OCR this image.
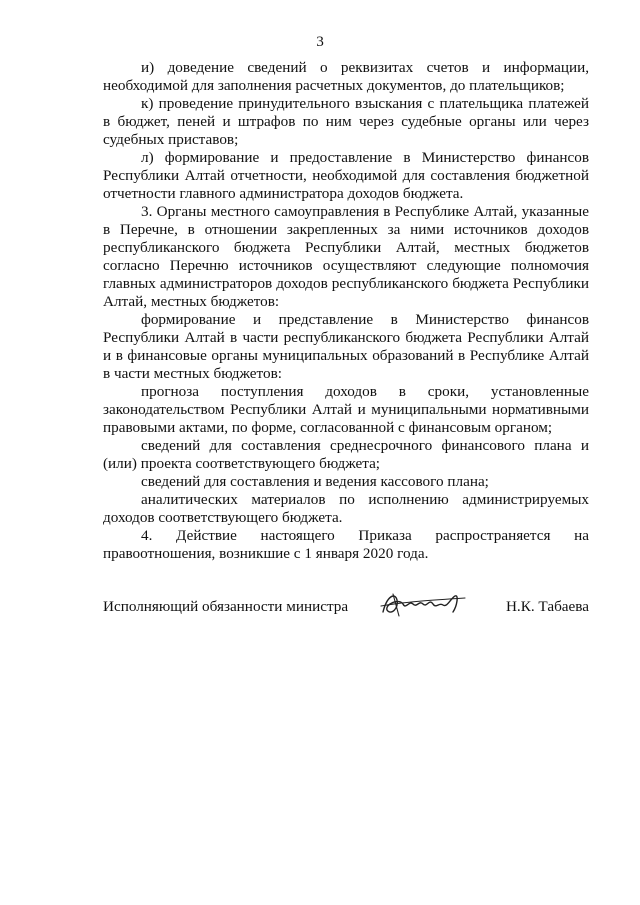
3

и) доведение сведений о реквизитах счетов и информации, необходимой для заполнения расчетных документов, до плательщиков;

к) проведение принудительного взыскания с плательщика платежей в бюджет, пеней и штрафов по ним через судебные органы или через судебных приставов;

л) формирование и предоставление в Министерство финансов Республики Алтай отчетности, необходимой для составления бюджетной отчетности главного администратора доходов бюджета.

3. Органы местного самоуправления в Республике Алтай, указанные в Перечне, в отношении закрепленных за ними источников доходов республиканского бюджета Республики Алтай, местных бюджетов согласно Перечню источников осуществляют следующие полномочия главных администраторов доходов республиканского бюджета Республики Алтай, местных бюджетов:

формирование и представление в Министерство финансов Республики Алтай в части республиканского бюджета Республики Алтай и в финансовые органы муниципальных образований в Республике Алтай в части местных бюджетов:

прогноза поступления доходов в сроки, установленные законодательством Республики Алтай и муниципальными нормативными правовыми актами, по форме, согласованной с финансовым органом;

сведений для составления среднесрочного финансового плана и (или) проекта соответствующего бюджета;

сведений для составления и ведения кассового плана;

аналитических материалов по исполнению администрируемых доходов соответствующего бюджета.

4. Действие настоящего Приказа распространяется на правоотношения, возникшие с 1 января 2020 года.

Исполняющий обязанности министра	Н.К. Табаева
